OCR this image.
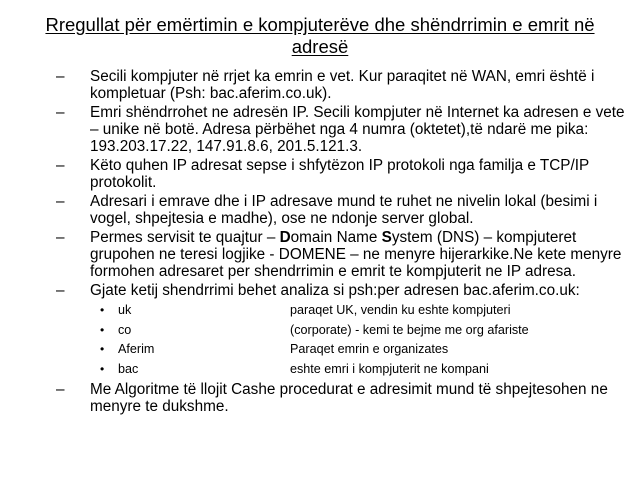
Rregullat për emërtimin e kompjuterëve dhe shëndrrimin e emrit në adresë
– Secili kompjuter në rrjet ka emrin e vet. Kur paraqitet në WAN, emri është i kompletuar (Psh: bac.aferim.co.uk).
– Emri shëndrrohet ne adresën IP. Secili kompjuter në Internet ka adresen e vete – unike në botë. Adresa përbëhet nga 4 numra (oktetet),të ndarë me pika: 193.203.17.22, 147.91.8.6, 201.5.121.3.
– Këto quhen IP adresat sepse i shfytëzon IP protokoli nga familja e TCP/IP protokolit.
– Adresari i emrave dhe i IP adresave mund te ruhet ne nivelin lokal (besimi i vogel, shpejtesia e madhe), ose ne ndonje server global.
– Permes servisit te quajtur – Domain Name System (DNS) – kompjuteret grupohen ne teresi logjike - DOMENE – ne menyre hijerarkike.Ne kete menyre formohen adresaret per shendrrimin e emrit te kompjuterit ne IP adresa.
– Gjate ketij shendrrimi behet analiza si psh:per adresen bac.aferim.co.uk:
• uk	paraqet UK, vendin ku eshte kompjuteri
• co	(corporate) - kemi te bejme me org afariste
• Aferim	Paraqet emrin e organizates
• bac	eshte emri i kompjuterit ne kompani
– Me Algoritme të llojit Cashe procedurat e adresimit mund të shpejtesohen ne menyre te dukshme.
